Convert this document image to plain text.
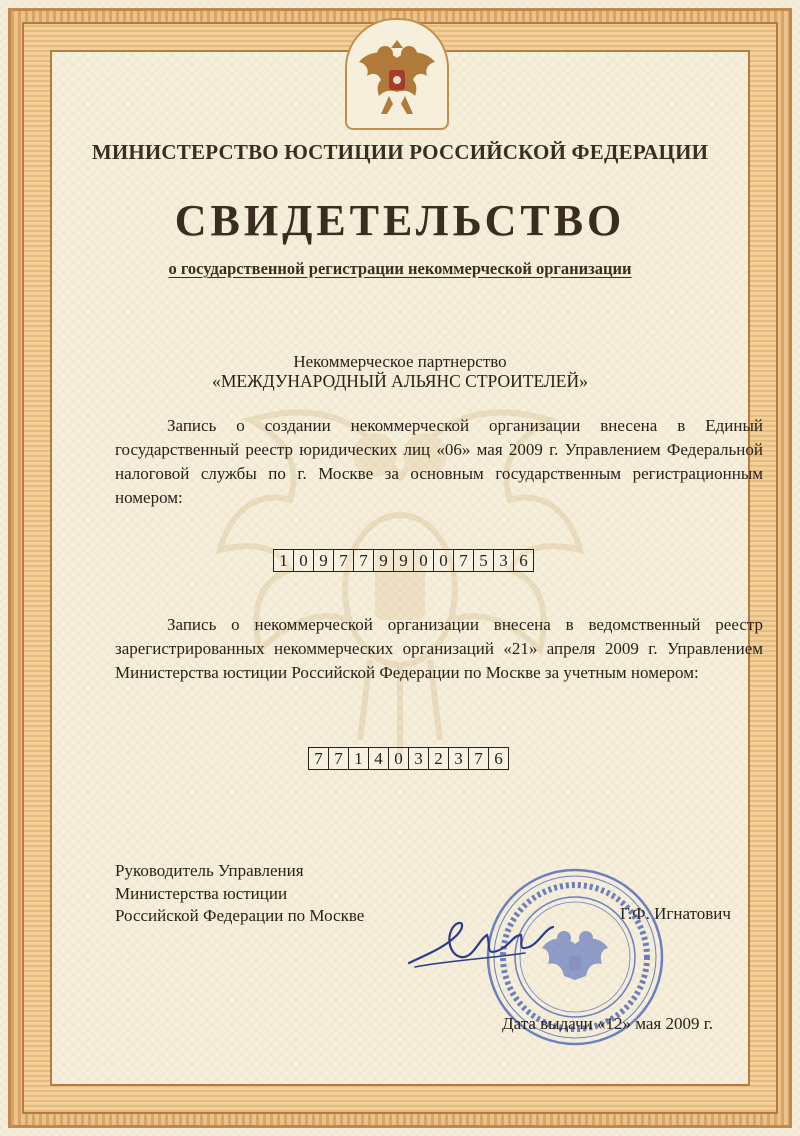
МИНИСТЕРСТВО ЮСТИЦИИ РОССИЙСКОЙ ФЕДЕРАЦИИ
СВИДЕТЕЛЬСТВО
о государственной регистрации некоммерческой организации
Некоммерческое партнерство
«МЕЖДУНАРОДНЫЙ АЛЬЯНС СТРОИТЕЛЕЙ»
Запись о создании некоммерческой организации внесена в Единый государственный реестр юридических лиц «06» мая 2009 г. Управлением Федеральной налоговой службы по г. Москве за основным государственным регистрационным номером:
1 0 9 7 7 9 9 0 0 7 5 3 6
Запись о некоммерческой организации внесена в ведомственный реестр зарегистрированных некоммерческих организаций «21» апреля 2009 г. Управлением Министерства юстиции Российской Федерации по Москве за учетным номером:
7 7 1 4 0 3 2 3 7 6
Руководитель Управления
Министерства юстиции
Российской Федерации по Москве	Г.Ф. Игнатович
Дата выдачи «12» мая 2009 г.
